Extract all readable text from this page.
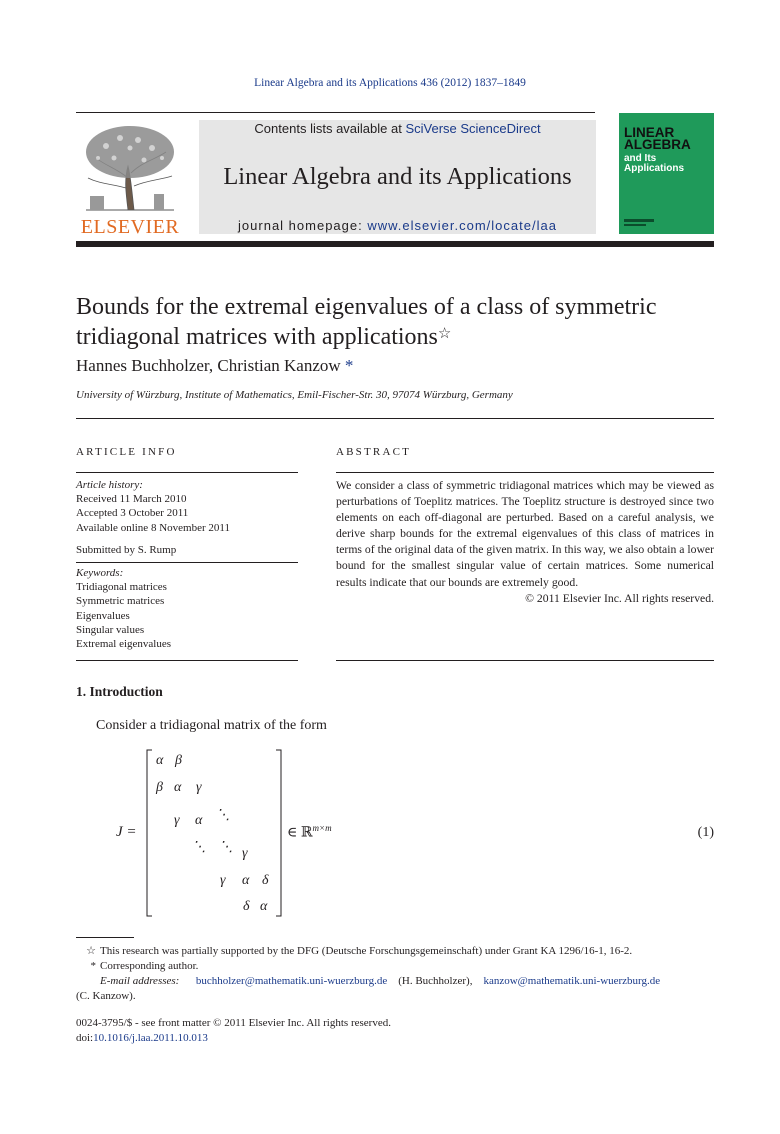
Linear Algebra and its Applications 436 (2012) 1837–1849
ELSEVIER
Contents lists available at SciVerse ScienceDirect
Linear Algebra and its Applications
journal homepage: www.elsevier.com/locate/laa
LINEAR
ALGEBRA
and Its
Applications
Bounds for the extremal eigenvalues of a class of symmetric tridiagonal matrices with applications☆
Hannes Buchholzer, Christian Kanzow *
University of Würzburg, Institute of Mathematics, Emil-Fischer-Str. 30, 97074 Würzburg, Germany
ARTICLE INFO	ABSTRACT
Article history:
Received 11 March 2010
Accepted 3 October 2011
Available online 8 November 2011
Submitted by S. Rump
Keywords:
Tridiagonal matrices
Symmetric matrices
Eigenvalues
Singular values
Extremal eigenvalues
We consider a class of symmetric tridiagonal matrices which may be viewed as perturbations of Toeplitz matrices. The Toeplitz structure is destroyed since two elements on each off-diagonal are perturbed. Based on a careful analysis, we derive sharp bounds for the extremal eigenvalues of this class of matrices in terms of the original data of the given matrix. In this way, we also obtain a lower bound for the smallest singular value of certain matrices. Some numerical results indicate that our bounds are extremely good.
© 2011 Elsevier Inc. All rights reserved.
1. Introduction
Consider a tridiagonal matrix of the form
J =
α β
β α γ
γ α ⋱
⋱ ⋱ γ
γ α δ
δ α
∈ ℝ$^{m\times m}$	(1)
☆ This research was partially supported by the DFG (Deutsche Forschungsgemeinschaft) under Grant KA 1296/16-1, 16-2.
* Corresponding author.
E-mail addresses: buchholzer@mathematik.uni-wuerzburg.de (H. Buchholzer), kanzow@mathematik.uni-wuerzburg.de
(C. Kanzow).
0024-3795/$ - see front matter © 2011 Elsevier Inc. All rights reserved.
doi:10.1016/j.laa.2011.10.013
